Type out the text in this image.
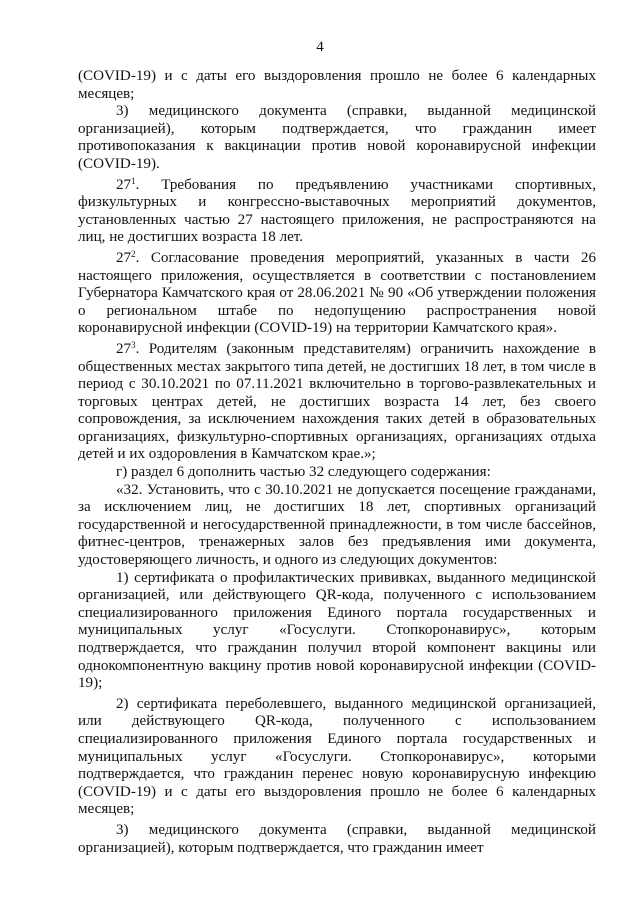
4

(COVID-19) и с даты его выздоровления прошло не более 6 календарных месяцев;

3) медицинского документа (справки, выданной медицинской организацией), которым подтверждается, что гражданин имеет противопоказания к вакцинации против новой коронавирусной инфекции (COVID-19).

$27^1$. Требования по предъявлению участниками спортивных, физкультурных и конгрессно-выставочных мероприятий документов, установленных частью 27 настоящего приложения, не распространяются на лиц, не достигших возраста 18 лет.

$27^2$. Согласование проведения мероприятий, указанных в части 26 настоящего приложения, осуществляется в соответствии с постановлением Губернатора Камчатского края от 28.06.2021 № 90 «Об утверждении положения о региональном штабе по недопущению распространения новой коронавирусной инфекции (COVID-19) на территории Камчатского края».

$27^3$. Родителям (законным представителям) ограничить нахождение в общественных местах закрытого типа детей, не достигших 18 лет, в том числе в период с 30.10.2021 по 07.11.2021 включительно в торгово-развлекательных и торговых центрах детей, не достигших возраста 14 лет, без своего сопровождения, за исключением нахождения таких детей в образовательных организациях, физкультурно-спортивных организациях, организациях отдыха детей и их оздоровления в Камчатском крае.»;

г) раздел 6 дополнить частью 32 следующего содержания:

«32. Установить, что с 30.10.2021 не допускается посещение гражданами, за исключением лиц, не достигших 18 лет, спортивных организаций государственной и негосударственной принадлежности, в том числе бассейнов, фитнес-центров, тренажерных залов без предъявления ими документа, удостоверяющего личность, и одного из следующих документов:

1) сертификата о профилактических прививках, выданного медицинской организацией, или действующего QR-кода, полученного с использованием специализированного приложения Единого портала государственных и муниципальных услуг «Госуслуги. Стопкоронавирус», которым подтверждается, что гражданин получил второй компонент вакцины или однокомпонентную вакцину против новой коронавирусной инфекции (COVID-19);

2) сертификата переболевшего, выданного медицинской организацией, или действующего QR-кода, полученного с использованием специализированного приложения Единого портала государственных и муниципальных услуг «Госуслуги. Стопкоронавирус», которыми подтверждается, что гражданин перенес новую коронавирусную инфекцию (COVID-19) и с даты его выздоровления прошло не более 6 календарных месяцев;

3) медицинского документа (справки, выданной медицинской организацией), которым подтверждается, что гражданин имеет
